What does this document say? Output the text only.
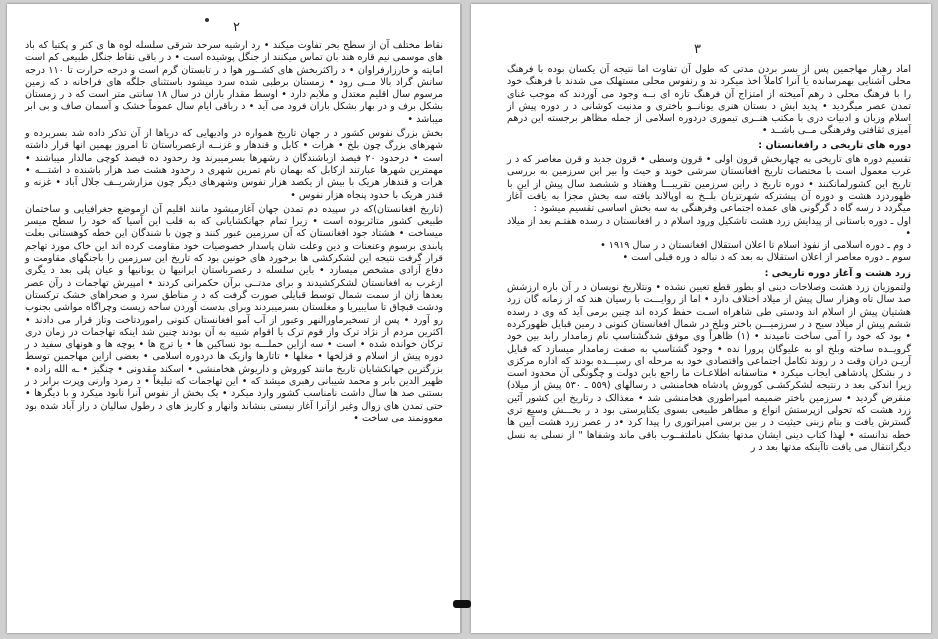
٢

نقاط مختلف آن از سطح بحر تفاوت میکند • رد ارشیه سرحد شرقی سلسله لوه ها ی کنر و پکتیا که باد های موسمی نیم قاره هند بان تماس میکنند از جنگل پوشیده است • د ر باقی نقاط جنگل طبیعی کم است امایته و خارزارفراوان • د راکثربخش های کشــور هوا د ر تابستان گرم است و درجه حرارت تا ١١٠ درجه ساتش گراد بالا مــی رود • زمستان برطبی شده سرد میشود باستثنای جلگه های فراخانه د که زمین مرسوم سال اقلیم معتدل و ملایم دارد • اوسط مقدار باران در سال ١٨ سانتی متر است که د ر زمستان بشکل برف و در بهار بشکل باران فرود می آید • د رباقی ایام سال عموماً خشک و آسمان صاف و بی ابر میباشد •

بخش بزرگ نفوس کشور د ر جهان تاریخ همواره در وادیهایی که دریاها از آن تذکر داده شد بسربرده و شهرهای بزرگ چون بلخ • هرات • کابل و قندهار و غزنــه ازعصرباستان تا امروز بهمین انها قرار داشته است • درحدود ٢٠ فیصد ازباشندگان د رشهرها بسرمیبرند ود رحدود ده فیصد کوچی مالدار میباشند • مهمترین شهرها عبارتند ازکابل که بهمان نام تمرین شهری د رحدود هشت صد هزار باشنده د اشتـــه • هرات و قندهار هریک با بیش از یکصد هزار نفوس وشهرهای دیگر چون مزارشریــف جلال آباد • غزنه و قندز هریک با حدود پنجاه هزار نفوس •

(تاریخ افغانستان)که در سپیده دم تمدن جهان آغازمیشود مانند اقلیم آن ازموضع جغرافیایی و ساختمان طبیعی کشور متاثربوده است • زیرا تمام جهانکشایانی که به قلب این آسیا که خود را سطح میسر میساخت • هشتاد جود افغانستان که آن سرزمین عبور کنند و چون با شندگان این خطه کوهستانی بعلت پابندی برسوم وعنعنات و دین وعلت شان پاسدار خصوصیات خود مقاومت کرده اند این خاک مورد تهاجم قرار گرفت نتیجه این لشکرکشی ها برخورد های خونین بود که تاریخ این سرزمین را باجنگهای مقاومت و دفاع آزادی مشخص میسازد • باین سلسله د رعصرباستان ایرانیها ن یونانیها و عیان پلی بعد د یگری ازغرب به افغانستان لشکرکشیدند و برای مدتــی برآن حکمرانی کردند • امپیرش تهاجمات د رآن عصر بعدها زان از سمت شمال توسط قبایلی صورت گرفت که د ر مناطق سرد و صحراهای خشک ترکستان ودشت قبچاق تا سایبیریا و مغلستان بسرمیبردند وبرای بدست آوردن ساحه زیست وچراگاه مواشی بجنوب رو آورد • پس از تسخیرماورالنهر وعبور از آب آمو افغانستان کنونی راموردتاخت وتاز قرار می دادند • اکثرین مردم از نژاد ترک واز قوم ترک یا اقوام شبیه به آن بودند چنین شد اینکه تهاجمات در زمان دری ترکان خوانده شده • است • سه ازاین حملـــه بود نساکین ها • یا ترچ ها • یوچه ها و هونهای سفید د ر دوره پیش از اسلام و قزلخها • مغلها • تاتارها وازبک ها دردوره اسلامی • بعضی ازاین مهاجمین توسط بزرگترین جهانکشایان تاریخ مانند کوروش و داریوش هخامنشی • اسکند مقدونی • چنگیز • ـه الله زاده • ظهیر الدین بابر و محمد شیبانی رهبری میشد که • این تهاجمات که تبلیغاً • د رمرد وارنی وپرت برابر د ر بستنی صد ها سال داشت نامناسب کشور وارد میکرد • یک بخش از نفوس آنرا نابود میکرد و با دیگرها • حتی تمدن های زوال وغیر ازآنرا آغاز نیستی بنشاند وانهار و کاریز های د رطول سالیان د راز آباد شده بود معوونمند می ساخت •

٣

اماد رهبار مهاجمین پس از بسر بردن مدتی که طول آن تفاوت اما نتیجه آن یکسان بوده با فرهنگ محلی آشنایی بهمرسانده یا آنرا کاملاً اخذ میکرد ند و رنفوس محلی مستهلک می شدند با فرهنگ خود را با فرهنگ محلی د رهم آمیخته از امتزاج آن فرهنگ تازه ای بــه وجود می آوردند که موجب غنای تمدن عصر میگردید • پدید ایش د بستان هنری یونانــو باختری و مدنیت کوشانی د ر دوره پیش از اسلام وزبان و ادبیات دری با مکتب هنــری تیموری دردوره اسلامی از جمله مظاهر برجسته این درهم آمیزی ثقافتی وفرهنگی مــی باشــد •

دوره های تاریخی د رافغانستان :

تقسیم دوره های تاریخی به چهاربخش قرون اولی • قرون وسطی • قرون جدید و قرن معاصر که د ر غرب معمول است با مختصات تاریخ افغانستان سرشی خوبد و حیث وا بیر ابن سرزمین به بررسی تاریخ این کشورلمانکنند • دوره تاریخ د راین سرزمین تقریبـــا وهفتاد و ششصد سال پیش از این با ظهوردزد هشت و دوره آن پیشترکه شهرتزیان بلــخ به اوپالاند یافته سه بخش مجزا به یافت آغاز میگردد د رسه گاه د گرگونی های عمده اجتماعی وفرهنگی به سه بخش اساسی تقسیم میشود :

اول ـ دوره باستانی از پیدایش زرد هشت تاشکیل ورود اسلام د ر افغانستان د رسده هفتـم بعد از میلاد •

د وم ـ دوره اسلامی از نفوذ اسلام تا اعلان استقلال افغانستان د ر سال ١٩١٩ •

سوم ـ دوره معاصر از اعلان استقلال به بعد که د نباله د وره قبلی است •

زرد هشت و آغاز دوره تاریخی :

ولتموزیان زرد هشت وصلاحات دینی او بطور قطع تعیین نشده • ونتلاریخ نویسان د ر آن باره ارزشش صد سال تاه وهزار سال پیش از میلاد اختلاف دارد • اما از روایـــت با رسیان هند که از زمانه گان زرد هشتیان پیش از اسلام اند ودستی طی شاهراه اسـت حفظ کرده اند چنین برمی آید که وی د رسده ششم پیش از میلاد سیح د ر سرزمیـــن باختر وبلخ در شمال افغانستان کنونی د رمین قبایل ظهورکرده • بود که خود را آمی ساخت نامیدند • (١) ظاهراً وی موفق شدگشتاسپ نام زمامدار رابد بین خود گرویــده ساخته وبلخ او به علیوگان پرورا نده • وجود گشتاسپ به صفت زمامدار میسازد که قبایل آریـن دران وقت د ر روند تکامل اجتماعی واقتصادی خود به مرحله ای رسیـــده بودند که اداره مرکزی د ر بشکل پادشاهی ایجاب میکرد • متاسفانه اطلاعـات ما راجع باین دولت و چگونگی آن محدود است زیرا اندکی بعد د رنتیجه لشکرکشـی کوروش پادشاه هخامنشی د رسالهای (٥٥٩ ـ ٥٣٠ پیش از میلاد) منقرض گردید • سرزمین باختر ضمیمه امپراطوری هخامنشی شد • معذالک د رتاریخ این کشور آئین زرد هشت که تحولی ازپرستش انواع و مظاهر طبیعی بسوی یکتاپرستی بود د ر بخـــش وسیع تری گسترش یافت و بنام زبنی حیثیت د ر بین برسی امپراتوری را پیدا کرد •د ر عصر زرد هشت آیین ها خطه ندانسته • لهذا کتاب دینی ایشان مدتها بشکل ناملتفــوب باقی ماند وشفاها " از نسلی به نسل دیگرانتقال می یافت تاآینکه مدتها بعد د ر
